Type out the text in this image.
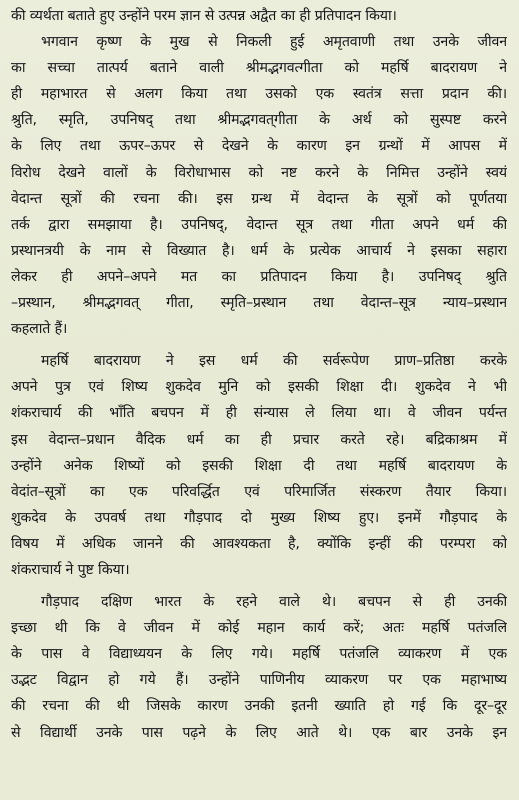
की व्यर्थता बताते हुए उन्होंने परम ज्ञान से उत्पन्न अद्वैत का ही प्रतिपादन किया।
भगवान कृष्ण के मुख से निकली हुई अमृतवाणी तथा उनके जीवन
का सच्चा तात्पर्य बताने वाली श्रीमद्भगवत्गीता को महर्षि बादरायण ने
ही महाभारत से अलग किया तथा उसको एक स्वतंत्र सत्ता प्रदान की।
श्रुति, स्मृति, उपनिषद् तथा श्रीमद्भगवत्‌गीता के अर्थ को सुस्पष्ट करने
के लिए तथा ऊपर–ऊपर से देखने के कारण इन ग्रन्थों में आपस में
विरोध देखने वालों के विरोधाभास को नष्ट करने के निमित्त उन्होंने स्वयं
वेदान्त सूत्रों की रचना की। इस ग्रन्थ में वेदान्त के सूत्रों को पूर्णतया
तर्क द्वारा समझाया है। उपनिषद्, वेदान्त सूत्र तथा गीता अपने धर्म की
प्रस्थानत्रयी के नाम से विख्यात है। धर्म के प्रत्येक आचार्य ने इसका सहारा
लेकर ही अपने–अपने मत का प्रतिपादन किया है। उपनिषद् श्रुति
–प्रस्थान, श्रीमद्भगवत् गीता, स्मृति–प्रस्थान तथा वेदान्त–सूत्र न्याय–प्रस्थान
कहलाते हैं।
महर्षि बादरायण ने इस धर्म की सर्वरूपेण प्राण–प्रतिष्ठा करके
अपने पुत्र एवं शिष्य शुकदेव मुनि को इसकी शिक्षा दी। शुकदेव ने भी
शंकराचार्य की भाँति बचपन में ही संन्यास ले लिया था। वे जीवन पर्यन्त
इस वेदान्त–प्रधान वैदिक धर्म का ही प्रचार करते रहे। बद्रिकाश्रम में
उन्होंने अनेक शिष्यों को इसकी शिक्षा दी तथा महर्षि बादरायण के
वेदांत–सूत्रों का एक परिवर्द्धित एवं परिमार्जित संस्करण तैयार किया।
शुकदेव के उपवर्ष तथा गौड़पाद दो मुख्य शिष्य हुए। इनमें गौड़पाद के
विषय में अधिक जानने की आवश्यकता है, क्योंकि इन्हीं की परम्परा को
शंकराचार्य ने पुष्ट किया।
गौड़पाद दक्षिण भारत के रहने वाले थे। बचपन से ही उनकी
इच्छा थी कि वे जीवन में कोई महान कार्य करें; अतः महर्षि पतंजलि
के पास वे विद्याध्ययन के लिए गये। महर्षि पतंजलि व्याकरण में एक
उद्भट विद्वान हो गये हैं। उन्होंने पाणिनीय व्याकरण पर एक महाभाष्य
की रचना की थी जिसके कारण उनकी इतनी ख्याति हो गई कि दूर–दूर
से विद्यार्थी उनके पास पढ़ने के लिए आते थे। एक बार उनके इन
